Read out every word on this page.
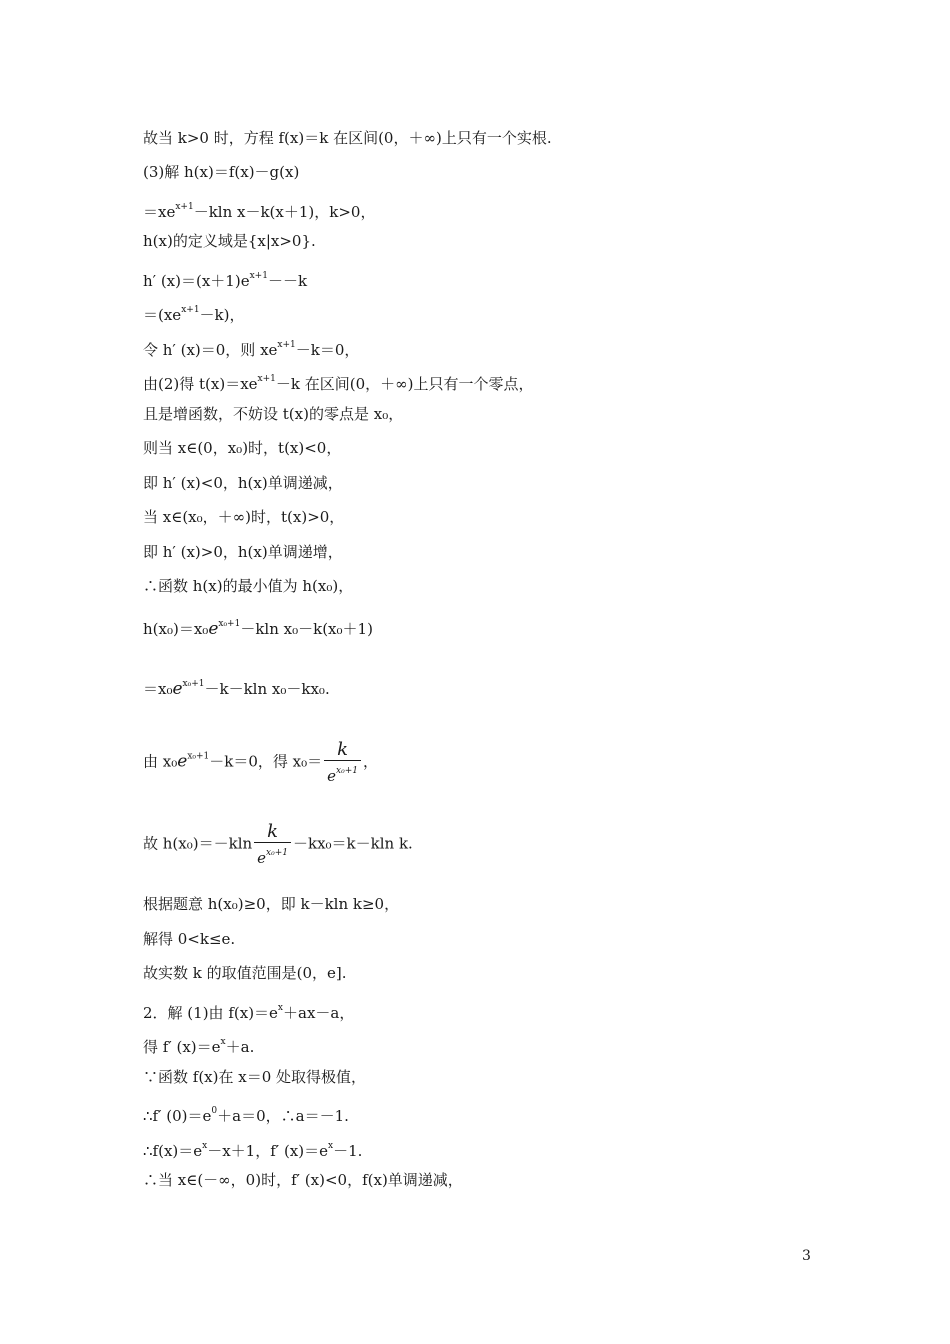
故当 k>0 时，方程 f(x)＝k 在区间(0，＋∞)上只有一个实根.
(3)解 h(x)＝f(x)－g(x)
$=xe^{x+1}-kln$ x－k(x＋1)，k>0，
h(x)的定义域是{x|x>0}.
h′ $(x)=(x+1)e^{x+1}--k$
$=(xe^{x+1}-k)$，
令 h′ (x)＝0，则 $xe^{x+1}-k=0$，
由(2)得 $t(x)=xe^{x+1}-k$ 在区间(0，＋∞)上只有一个零点，
且是增函数，不妨设 t(x)的零点是 x₀，
则当 x∈(0，x₀)时，t(x)<0，
即 h′ (x)<0，h(x)单调递减，
当 x∈(x₀，＋∞)时，t(x)>0，
即 h′ (x)>0，h(x)单调递增，
∴函数 h(x)的最小值为 h(x₀)，
$h(x_0)=x_0e^{x_0+1}-kln$ x₀－k(x₀＋1)
$=x_0e^{x_0+1}-k-kln$ x₀－kx₀.
根据题意 h(x₀)≥0，即 k－kln k≥0，
解得 0<k≤e.
故实数 k 的取值范围是(0，e].
2．解 (1)由 $f(x)=e^x+ax-a$，
得 f′ $(x)=e^x+a$.
∵函数 f(x)在 x＝0 处取得极值，
∴f′ $(0)=e^0+a=0$，∴a＝－1.
$\therefore f(x)=e^x-x+1$，f′ $(x)=e^x-1$.
∴当 x∈(－∞，0)时，f′ (x)<0，f(x)单调递减，
由 $x_0e^{x_0+1}-k=0$，得 $x_0= \frac{k}{e^{x_0+1}}$ ，
故 $h(x_0)=-kln \frac{k}{e^{x_0+1}} -kx_0=k-kln$ k.
3
